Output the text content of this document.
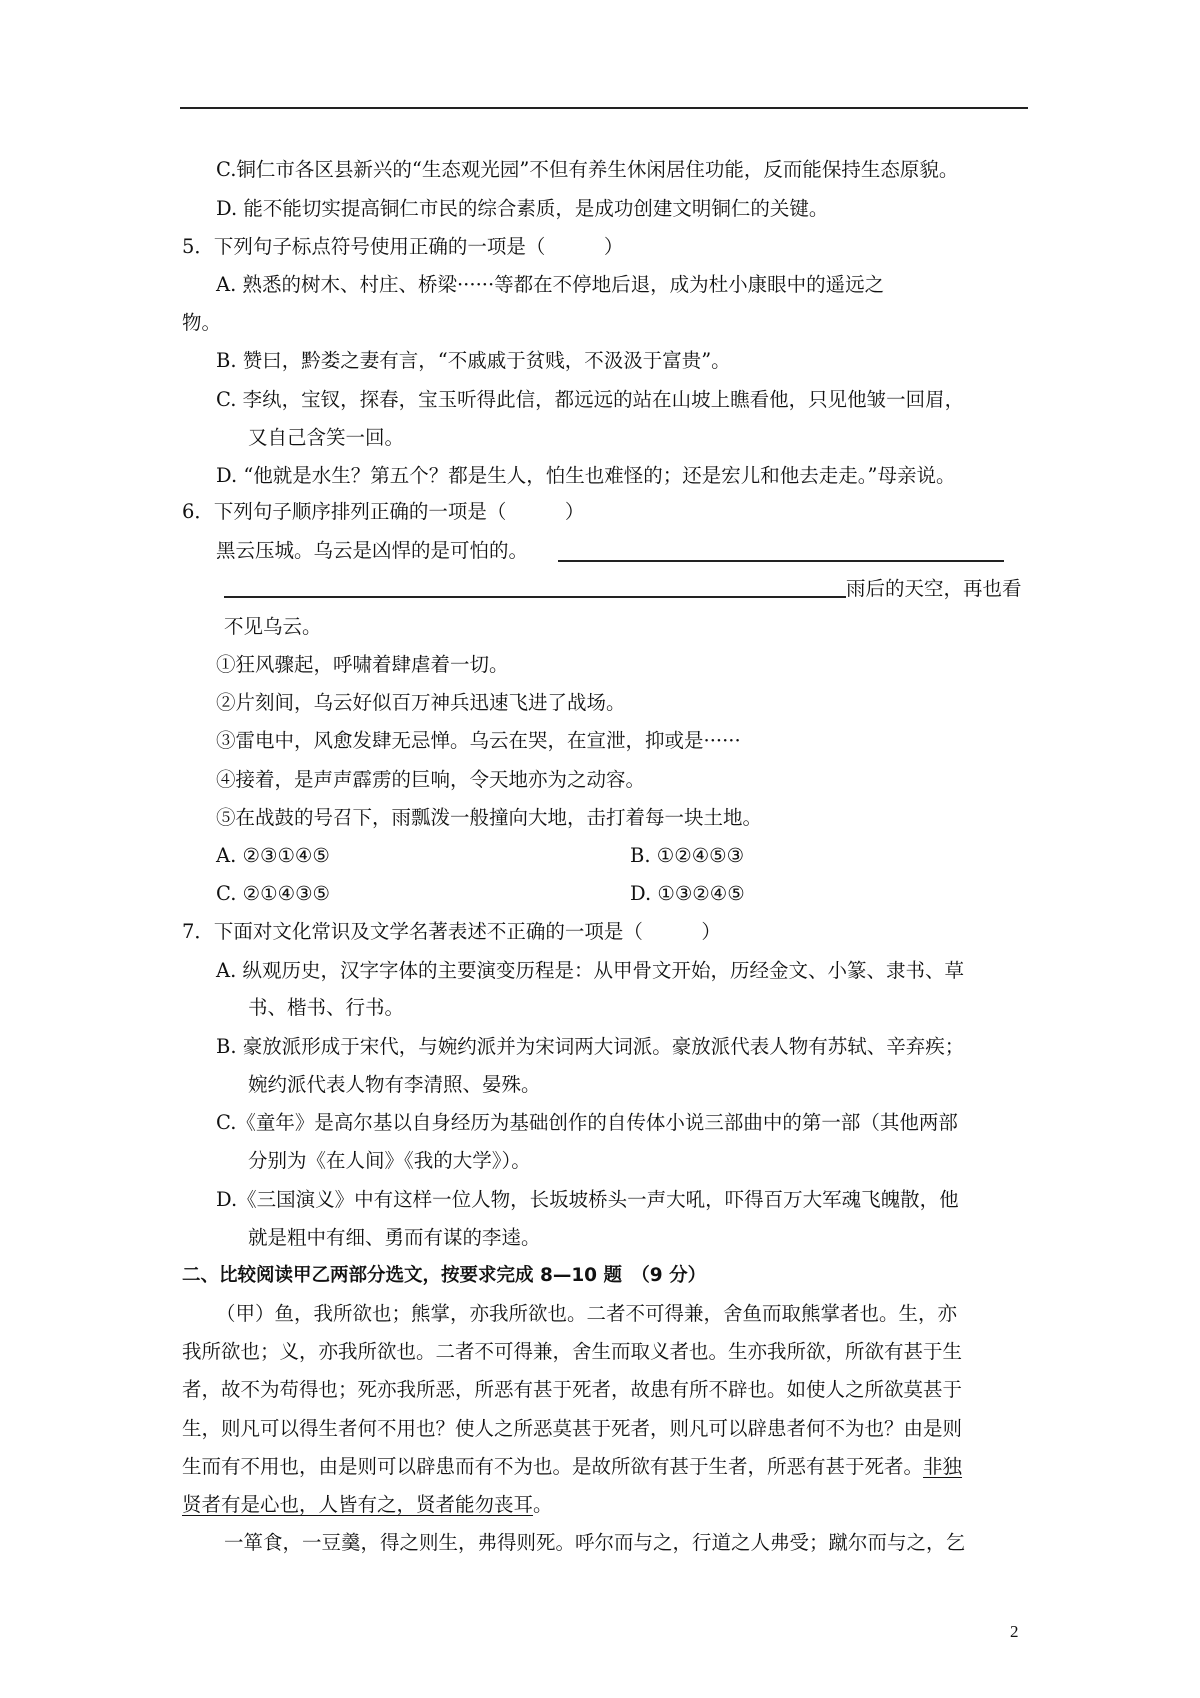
C.铜仁市各区县新兴的“生态观光园”不但有养生休闲居住功能，反而能保持生态原貌。
D. 能不能切实提高铜仁市民的综合素质，是成功创建文明铜仁的关键。
5．下列句子标点符号使用正确的一项是（　　　）
A. 熟悉的树木、村庄、桥梁······等都在不停地后退，成为杜小康眼中的遥远之
物。
B. 赞曰，黔娄之妻有言，“不戚戚于贫贱，不汲汲于富贵”。
C. 李纨，宝钗，探春，宝玉听得此信，都远远的站在山坡上瞧看他，只见他皱一回眉，
又自己含笑一回。
D. “他就是水生？第五个？都是生人，怕生也难怪的；还是宏儿和他去走走。”母亲说。
6．下列句子顺序排列正确的一项是（　　　）
黑云压城。乌云是凶悍的是可怕的。
雨后的天空，再也看
不见乌云。
①狂风骤起，呼啸着肆虐着一切。
②片刻间，乌云好似百万神兵迅速飞进了战场。
③雷电中，风愈发肆无忌惮。乌云在哭，在宣泄，抑或是······
④接着，是声声霹雳的巨响，令天地亦为之动容。
⑤在战鼓的号召下，雨瓢泼一般撞向大地，击打着每一块土地。
A. ②③①④⑤	B. ①②④⑤③
C. ②①④③⑤	D. ①③②④⑤
7．下面对文化常识及文学名著表述不正确的一项是（　　　）
A. 纵观历史，汉字字体的主要演变历程是：从甲骨文开始，历经金文、小篆、隶书、草
书、楷书、行书。
B. 豪放派形成于宋代，与婉约派并为宋词两大词派。豪放派代表人物有苏轼、辛弃疾；
婉约派代表人物有李清照、晏殊。
C.《童年》是高尔基以自身经历为基础创作的自传体小说三部曲中的第一部（其他两部
分别为《在人间》《我的大学》）。
D.《三国演义》中有这样一位人物，长坂坡桥头一声大吼，吓得百万大军魂飞魄散，他
就是粗中有细、勇而有谋的李逵。
二、比较阅读甲乙两部分选文，按要求完成 8—10 题　（9 分）
（甲）鱼，我所欲也；熊掌，亦我所欲也。二者不可得兼，舍鱼而取熊掌者也。生，亦
我所欲也；义，亦我所欲也。二者不可得兼，舍生而取义者也。生亦我所欲，所欲有甚于生
者，故不为苟得也；死亦我所恶，所恶有甚于死者，故患有所不辟也。如使人之所欲莫甚于
生，则凡可以得生者何不用也？使人之所恶莫甚于死者，则凡可以辟患者何不为也？由是则
生而有不用也，由是则可以辟患而有不为也。是故所欲有甚于生者，所恶有甚于死者。非独
贤者有是心也，人皆有之，贤者能勿丧耳。
一箪食，一豆羹，得之则生，弗得则死。呼尔而与之，行道之人弗受；蹴尔而与之，乞
2
